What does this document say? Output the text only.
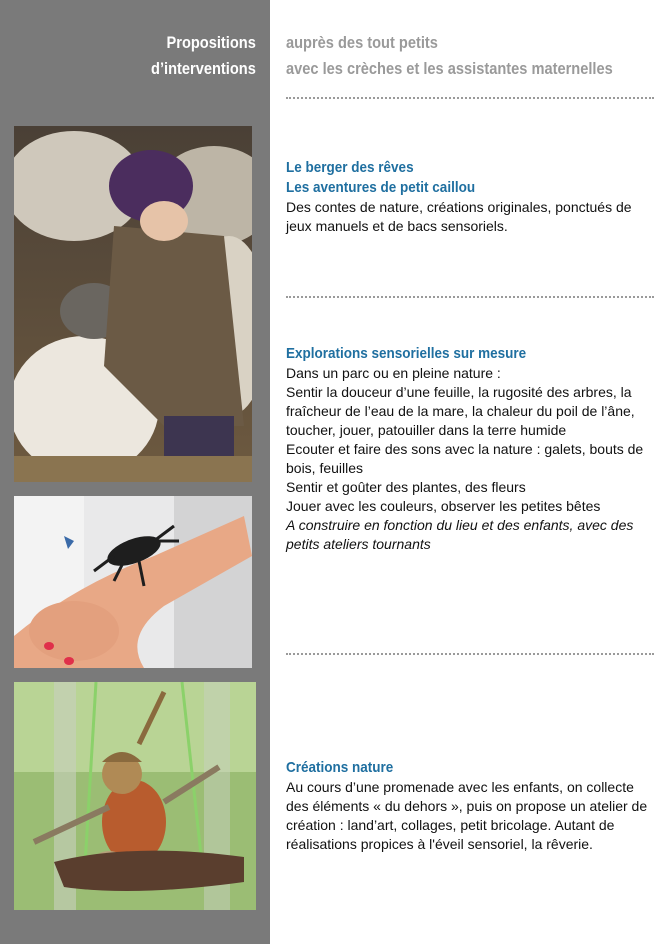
Propositions
d’interventions
auprès des tout petits
avec les crèches et les assistantes maternelles
Le berger des rêves
Les aventures de petit caillou

Des contes de nature, créations originales, ponctués de jeux manuels et de bacs sensoriels.

Explorations sensorielles sur mesure

Dans un parc ou en pleine nature :

Sentir la douceur d’une feuille, la rugosité des arbres, la fraîcheur de l’eau de la mare, la chaleur du poil de l’âne, toucher, jouer, patouiller dans la terre humide

Ecouter et faire des sons avec la nature : galets, bouts de bois, feuilles

Sentir et goûter des plantes, des fleurs

Jouer avec les couleurs, observer les petites bêtes

A construire en fonction du lieu et des enfants, avec des petits ateliers tournants

Créations nature

Au cours d’une promenade avec les enfants, on collecte des éléments « du dehors », puis on propose un atelier de création : land’art, collages, petit bricolage. Autant de réalisations propices à l'éveil sensoriel, la rêverie.
